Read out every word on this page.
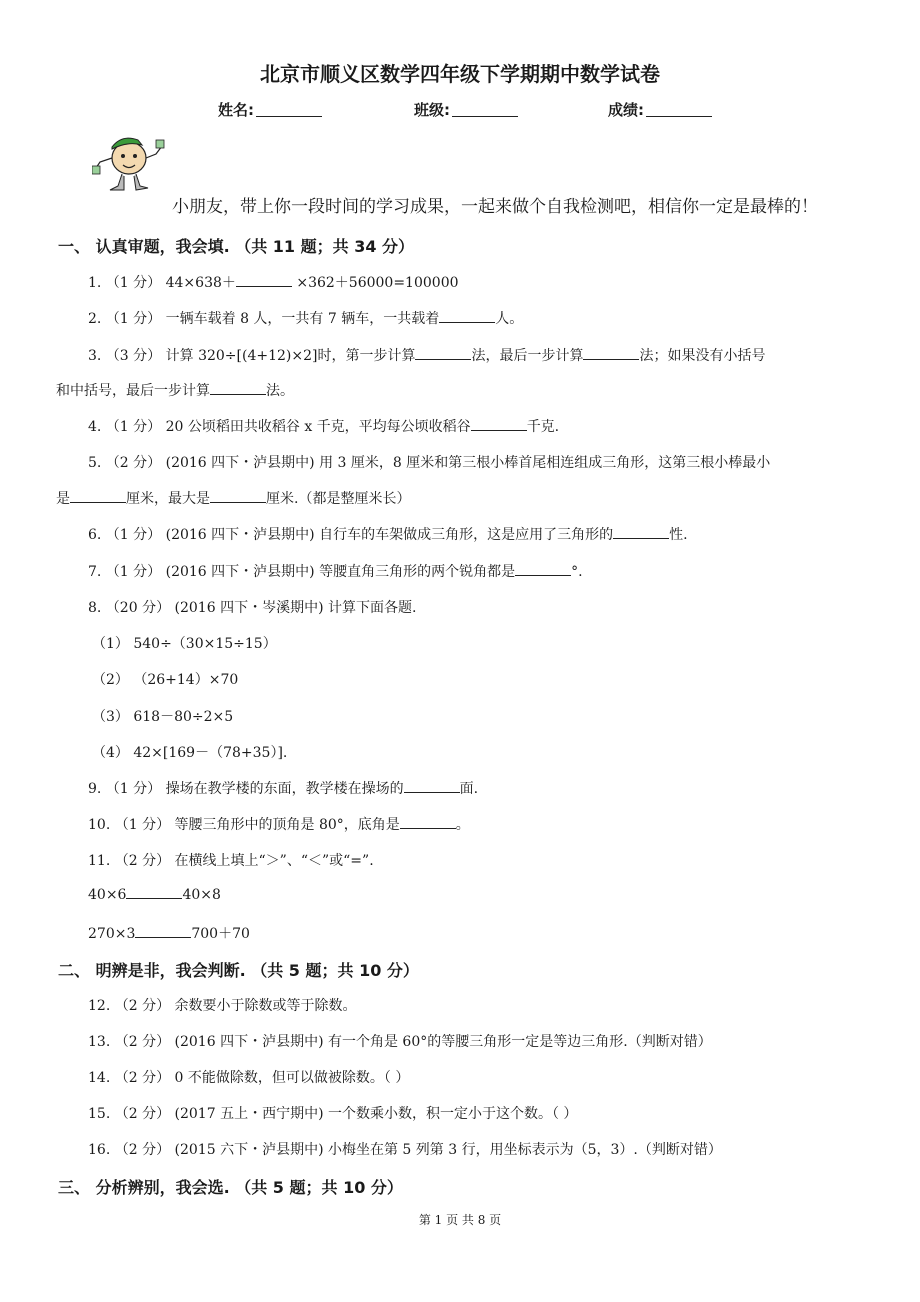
北京市顺义区数学四年级下学期期中数学试卷
姓名:	班级:	成绩:
小朋友，带上你一段时间的学习成果，一起来做个自我检测吧，相信你一定是最棒的！
一、 认真审题，我会填. （共 11 题；共 34 分）
1. （1 分） 44×638＋	×362＋56000=100000
2. （1 分） 一辆车载着 8 人，一共有 7 辆车，一共载着	人。
3. （3 分） 计算 320÷[(4+12)×2]时，第一步计算	法，最后一步计算	法；如果没有小括号
和中括号，最后一步计算	法。
4. （1 分） 20 公顷稻田共收稻谷 x 千克，平均每公顷收稻谷	千克.
5. （2 分） (2016 四下・泸县期中) 用 3 厘米，8 厘米和第三根小棒首尾相连组成三角形，这第三根小棒最小
是	厘米，最大是	厘米.（都是整厘米长）
6. （1 分） (2016 四下・泸县期中) 自行车的车架做成三角形，这是应用了三角形的	性.
7. （1 分） (2016 四下・泸县期中) 等腰直角三角形的两个锐角都是	°.
8. （20 分） (2016 四下・岑溪期中) 计算下面各题.
（1） 540÷（30×15÷15）
（2） （26+14）×70
（3） 618－80÷2×5
（4） 42×[169－（78+35）].
9. （1 分） 操场在教学楼的东面，教学楼在操场的	面.
10. （1 分） 等腰三角形中的顶角是 80°，底角是	。
11. （2 分） 在横线上填上“＞”、“＜”或“=”.
40×6	40×8
270×3	700＋70
二、 明辨是非，我会判断. （共 5 题；共 10 分）
12. （2 分） 余数要小于除数或等于除数。
13. （2 分） (2016 四下・泸县期中) 有一个角是 60°的等腰三角形一定是等边三角形.（判断对错）
14. （2 分） 0 不能做除数，但可以做被除数。（ ）
15. （2 分） (2017 五上・西宁期中) 一个数乘小数，积一定小于这个数。（ ）
16. （2 分） (2015 六下・泸县期中) 小梅坐在第 5 列第 3 行，用坐标表示为（5，3）.（判断对错）
三、 分析辨别，我会选. （共 5 题；共 10 分）
第 1 页 共 8 页
